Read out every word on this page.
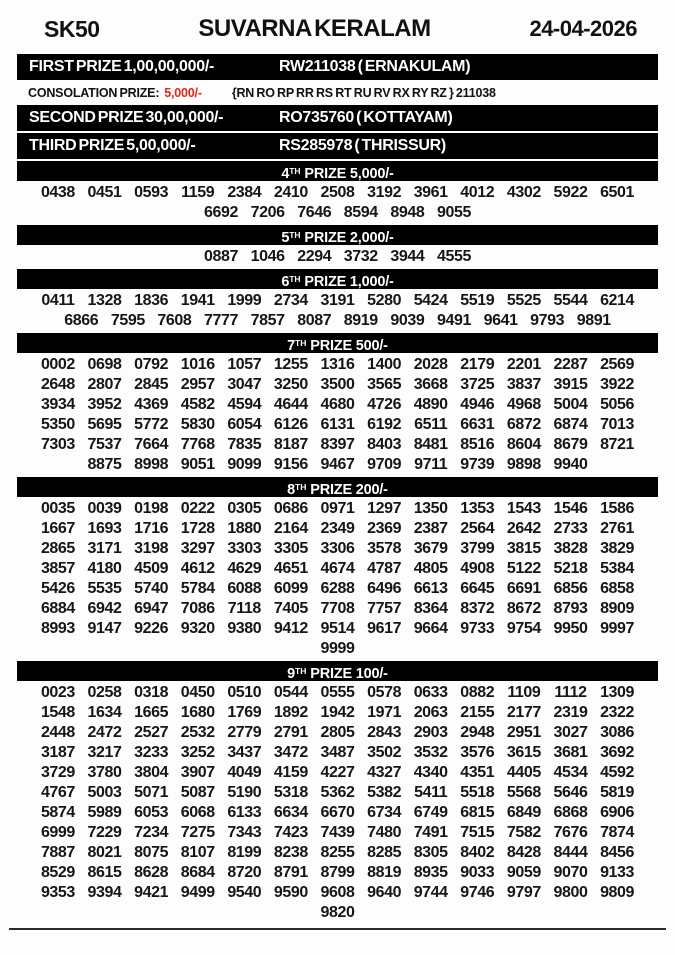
SK50	SUVARNA KERALAM	24-04-2026
FIRST PRIZE 1,00,00,000/-	RW211038 ( ERNAKULAM)
CONSOLATION PRIZE: 5,000/- {RN RO RP RR RS RT RU RV RX RY RZ } 211038
SECOND PRIZE 30,00,000/-	RO735760 ( KOTTAYAM)
THIRD PRIZE 5,00,000/-	RS285978 ( THRISSUR)
4TH PRIZE 5,000/-
0438 0451 0593 1159 2384 2410 2508 3192 3961 4012 4302 5922 6501
6692 7206 7646 8594 8948 9055
5TH PRIZE 2,000/-
0887 1046 2294 3732 3944 4555
6TH PRIZE 1,000/-
0411 1328 1836 1941 1999 2734 3191 5280 5424 5519 5525 5544 6214
6866 7595 7608 7777 7857 8087 8919 9039 9491 9641 9793 9891
7TH PRIZE 500/-
0002 0698 0792 1016 1057 1255 1316 1400 2028 2179 2201 2287 2569
2648 2807 2845 2957 3047 3250 3500 3565 3668 3725 3837 3915 3922
3934 3952 4369 4582 4594 4644 4680 4726 4890 4946 4968 5004 5056
5350 5695 5772 5830 6054 6126 6131 6192 6511 6631 6872 6874 7013
7303 7537 7664 7768 7835 8187 8397 8403 8481 8516 8604 8679 8721
8875 8998 9051 9099 9156 9467 9709 9711 9739 9898 9940
8TH PRIZE 200/-
0035 0039 0198 0222 0305 0686 0971 1297 1350 1353 1543 1546 1586
1667 1693 1716 1728 1880 2164 2349 2369 2387 2564 2642 2733 2761
2865 3171 3198 3297 3303 3305 3306 3578 3679 3799 3815 3828 3829
3857 4180 4509 4612 4629 4651 4674 4787 4805 4908 5122 5218 5384
5426 5535 5740 5784 6088 6099 6288 6496 6613 6645 6691 6856 6858
6884 6942 6947 7086 7118 7405 7708 7757 8364 8372 8672 8793 8909
8993 9147 9226 9320 9380 9412 9514 9617 9664 9733 9754 9950 9997
9999
9TH PRIZE 100/-
0023 0258 0318 0450 0510 0544 0555 0578 0633 0882 1109 1112 1309
1548 1634 1665 1680 1769 1892 1942 1971 2063 2155 2177 2319 2322
2448 2472 2527 2532 2779 2791 2805 2843 2903 2948 2951 3027 3086
3187 3217 3233 3252 3437 3472 3487 3502 3532 3576 3615 3681 3692
3729 3780 3804 3907 4049 4159 4227 4327 4340 4351 4405 4534 4592
4767 5003 5071 5087 5190 5318 5362 5382 5411 5518 5568 5646 5819
5874 5989 6053 6068 6133 6634 6670 6734 6749 6815 6849 6868 6906
6999 7229 7234 7275 7343 7423 7439 7480 7491 7515 7582 7676 7874
7887 8021 8075 8107 8199 8238 8255 8285 8305 8402 8428 8444 8456
8529 8615 8628 8684 8720 8791 8799 8819 8935 9033 9059 9070 9133
9353 9394 9421 9499 9540 9590 9608 9640 9744 9746 9797 9800 9809
9820
